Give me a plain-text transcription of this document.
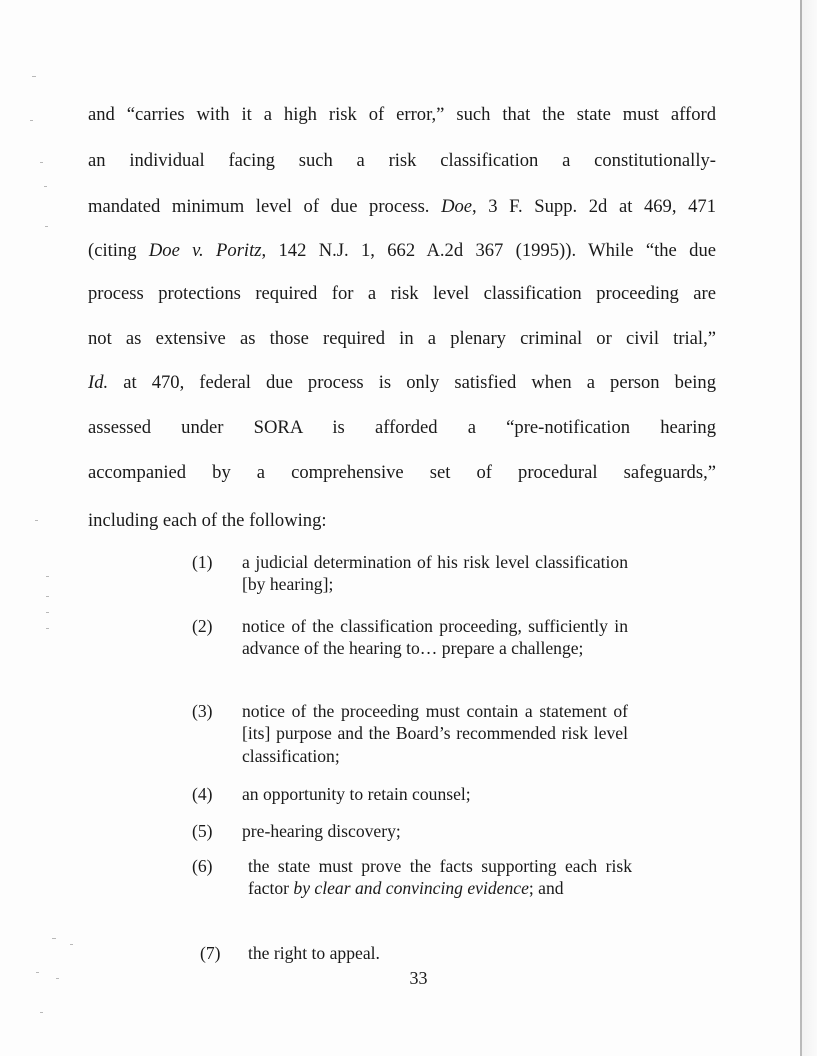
and “carries with it a high risk of error,” such that the state must afford
an individual facing such a risk classification a constitutionally-
mandated minimum level of due process. Doe, 3 F. Supp. 2d at 469, 471
(citing Doe v. Poritz, 142 N.J. 1, 662 A.2d 367 (1995)). While “the due
process protections required for a risk level classification proceeding are
not as extensive as those required in a plenary criminal or civil trial,”
Id. at 470, federal due process is only satisfied when a person being
assessed under SORA is afforded a “pre-notification hearing
accompanied by a comprehensive set of procedural safeguards,”
including each of the following:
(1) a judicial determination of his risk level classification [by hearing];
(2) notice of the classification proceeding, sufficiently in advance of the hearing to… prepare a challenge;
(3) notice of the proceeding must contain a statement of [its] purpose and the Board’s recommended risk level classification;
(4) an opportunity to retain counsel;
(5) pre-hearing discovery;
(6) the state must prove the facts supporting each risk factor by clear and convincing evidence; and
(7) the right to appeal.
33
